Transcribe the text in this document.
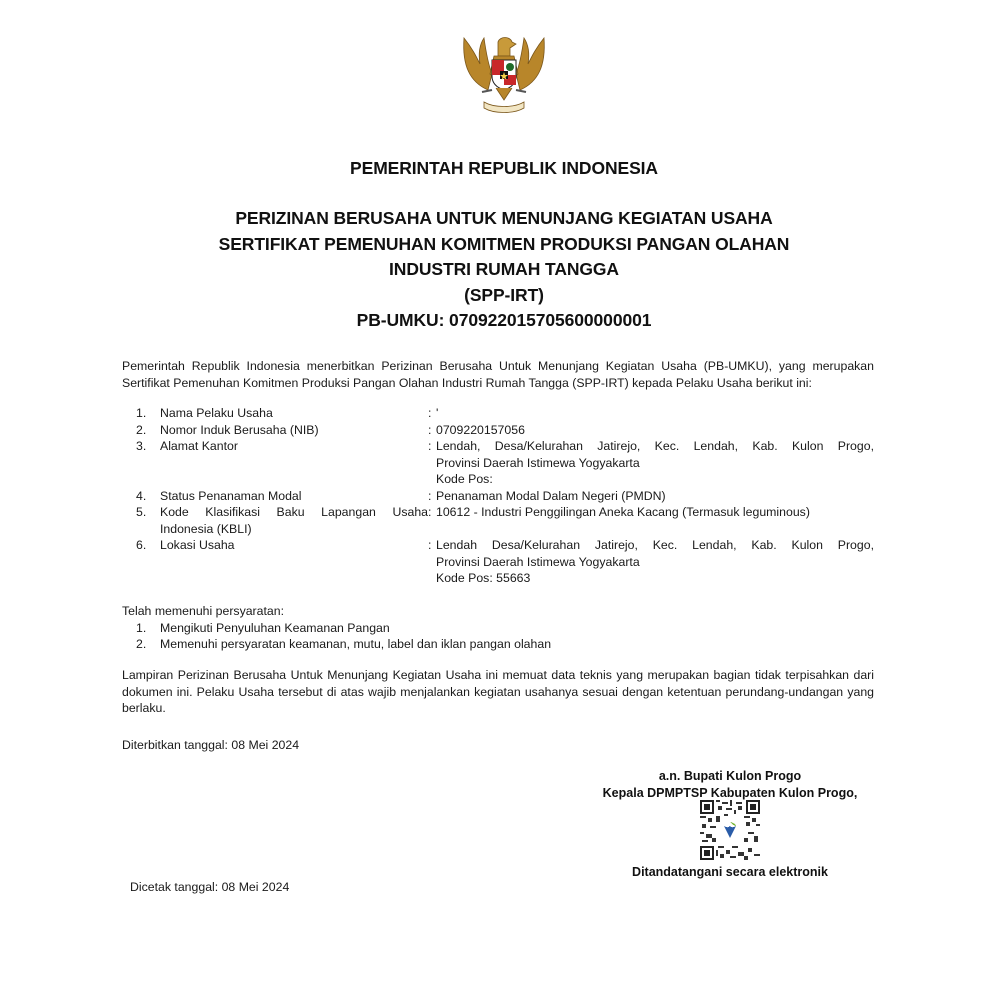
PEMERINTAH REPUBLIK INDONESIA
PERIZINAN BERUSAHA UNTUK MENUNJANG KEGIATAN USAHA
SERTIFIKAT PEMENUHAN KOMITMEN PRODUKSI PANGAN OLAHAN
INDUSTRI RUMAH TANGGA
(SPP-IRT)
PB-UMKU: 070922015705600000001

Pemerintah Republik Indonesia menerbitkan Perizinan Berusaha Untuk Menunjang Kegiatan Usaha (PB-UMKU), yang merupakan Sertifikat Pemenuhan Komitmen Produksi Pangan Olahan Industri Rumah Tangga (SPP-IRT) kepada Pelaku Usaha berikut ini:

1.	Nama Pelaku Usaha	: '
2.	Nomor Induk Berusaha (NIB)	: 0709220157056
3.	Alamat Kantor	: Lendah, Desa/Kelurahan Jatirejo, Kec. Lendah, Kab. Kulon Progo,
Provinsi Daerah Istimewa Yogyakarta
Kode Pos:
4.	Status Penanaman Modal	: Penanaman Modal Dalam Negeri (PMDN)
5.	Kode Klasifikasi Baku Lapangan Usaha
Indonesia (KBLI)
: 10612 - Industri Penggilingan Aneka Kacang (Termasuk leguminous)
6.	Lokasi Usaha	: Lendah Desa/Kelurahan Jatirejo, Kec. Lendah, Kab. Kulon Progo,
Provinsi Daerah Istimewa Yogyakarta
Kode Pos: 55663
Telah memenuhi persyaratan:
1.	Mengikuti Penyuluhan Keamanan Pangan
2.	Memenuhi persyaratan keamanan, mutu, label dan iklan pangan olahan

Lampiran Perizinan Berusaha Untuk Menunjang Kegiatan Usaha ini memuat data teknis yang merupakan bagian tidak terpisahkan dari dokumen ini. Pelaku Usaha tersebut di atas wajib menjalankan kegiatan usahanya sesuai dengan ketentuan perundang-undangan yang berlaku.

Diterbitkan tanggal: 08 Mei 2024
a.n. Bupati Kulon Progo
Kepala DPMPTSP Kabupaten Kulon Progo,
Ditandatangani secara elektronik
Dicetak tanggal: 08 Mei 2024
